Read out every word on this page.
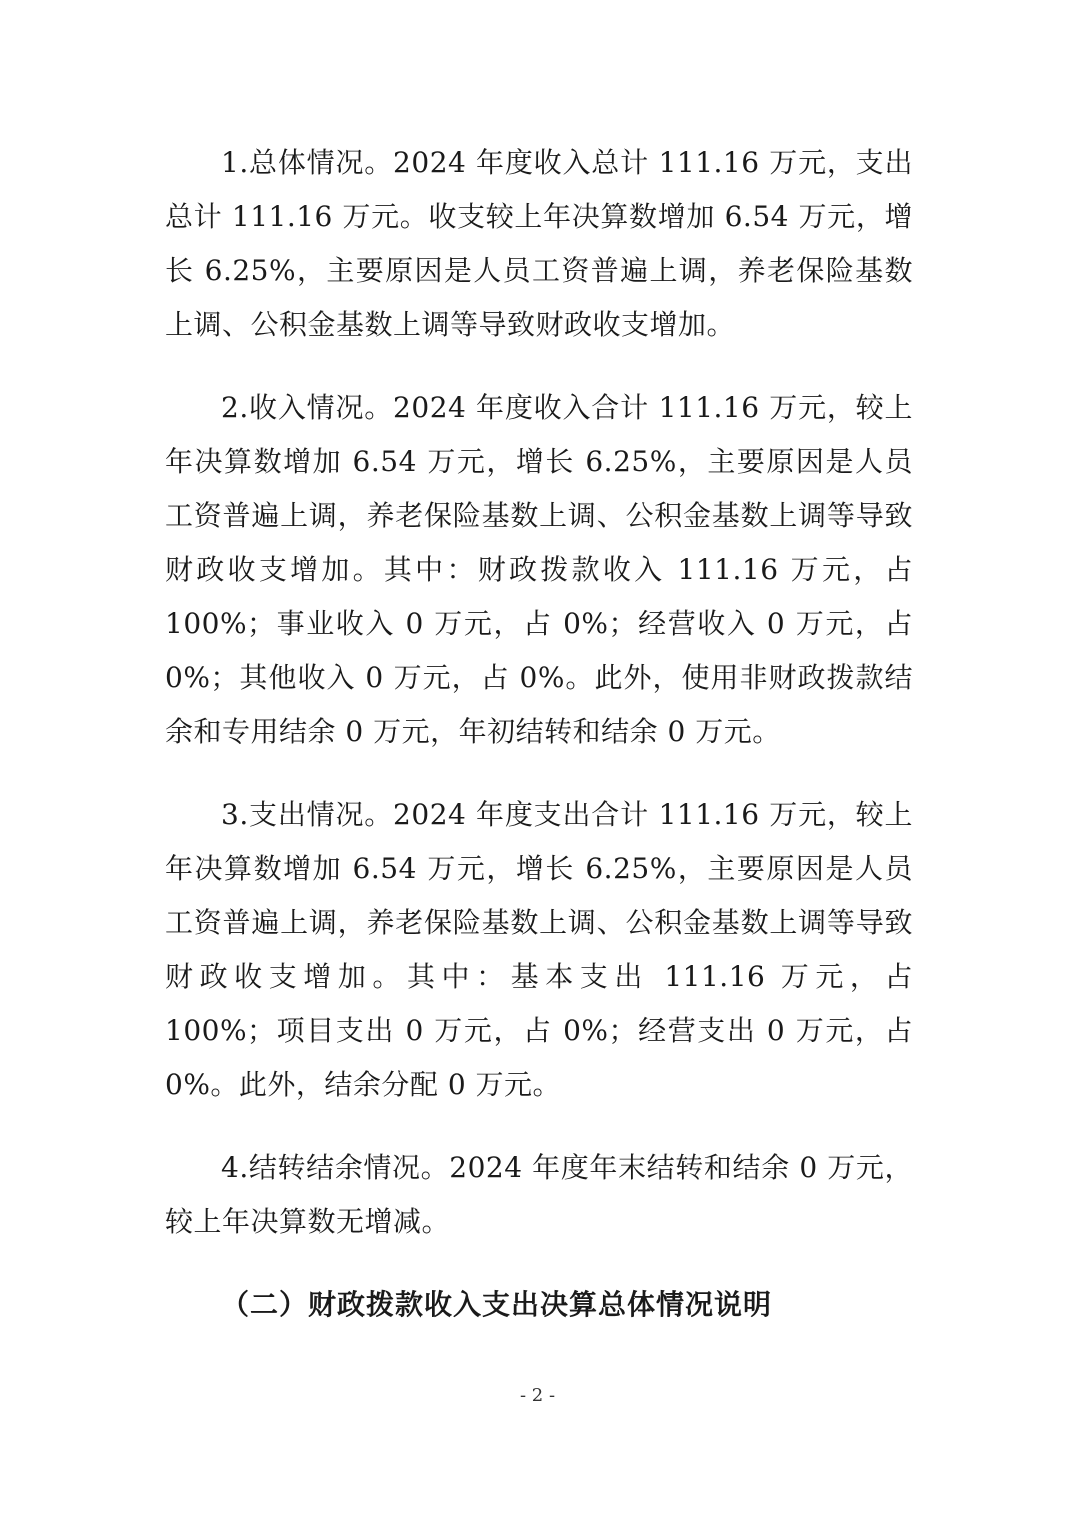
1.总体情况。2024 年度收入总计 111.16 万元，支出总计 111.16 万元。收支较上年决算数增加 6.54 万元，增长 6.25%，主要原因是人员工资普遍上调，养老保险基数上调、公积金基数上调等导致财政收支增加。

2.收入情况。2024 年度收入合计 111.16 万元，较上年决算数增加 6.54 万元，增长 6.25%，主要原因是人员工资普遍上调，养老保险基数上调、公积金基数上调等导致财政收支增加。其中：财政拨款收入 111.16 万元，占 100%；事业收入 0 万元，占 0%；经营收入 0 万元，占 0%；其他收入 0 万元，占 0%。此外，使用非财政拨款结余和专用结余 0 万元，年初结转和结余 0 万元。

3.支出情况。2024 年度支出合计 111.16 万元，较上年决算数增加 6.54 万元，增长 6.25%，主要原因是人员工资普遍上调，养老保险基数上调、公积金基数上调等导致财政收支增加。其中：基本支出 111.16 万元，占 100%；项目支出 0 万元，占 0%；经营支出 0 万元，占 0%。此外，结余分配 0 万元。

4.结转结余情况。2024 年度年末结转和结余 0 万元，较上年决算数无增减。

（二）财政拨款收入支出决算总体情况说明

- 2 -
